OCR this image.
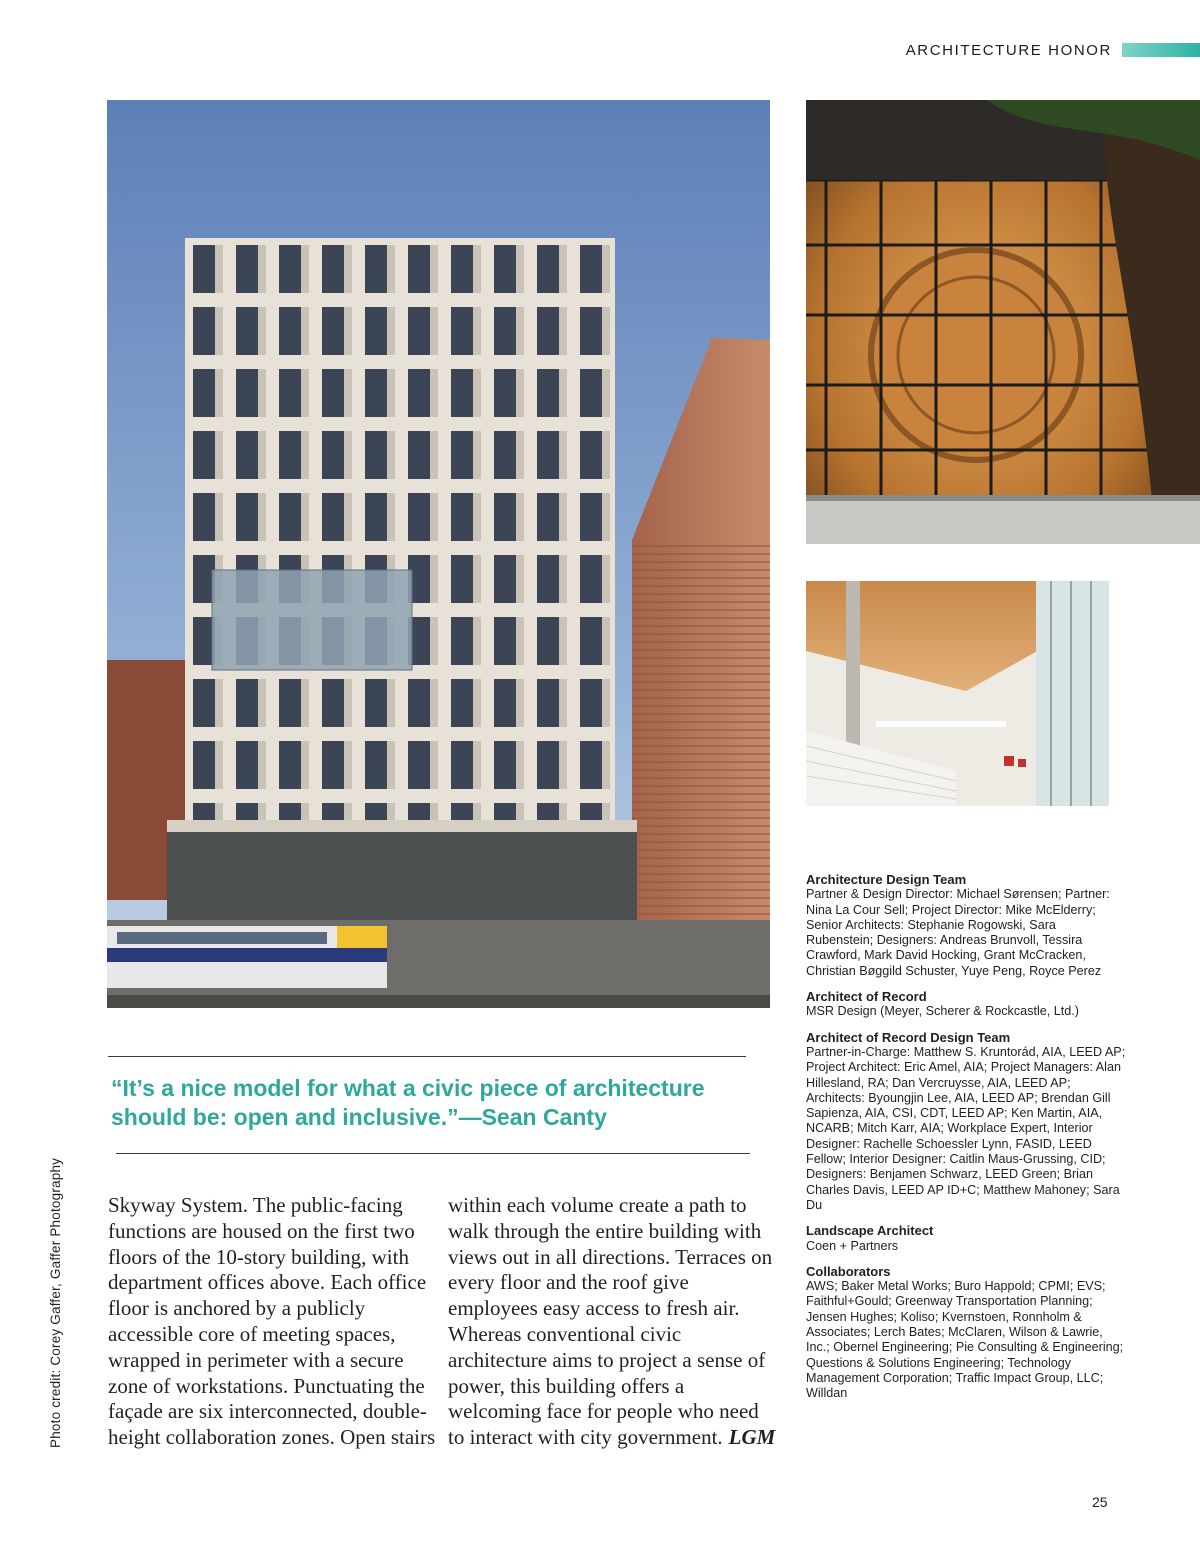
ARCHITECTURE HONOR

“It’s a nice model for what a civic piece of architecture should be: open and inclusive.”—Sean Canty

Skyway System. The public-facing functions are housed on the first two floors of the 10-story building, with department offices above. Each office floor is anchored by a publicly accessible core of meeting spaces, wrapped in perimeter with a secure zone of workstations. Punctuating the façade are six interconnected, double-height collaboration zones. Open stairs
within each volume create a path to walk through the entire building with views out in all directions. Terraces on every floor and the roof give employees easy access to fresh air. Whereas conventional civic architecture aims to project a sense of power, this building offers a welcoming face for people who need to interact with city government. LGM
Architecture Design Team
Partner & Design Director: Michael Sørensen; Partner: Nina La Cour Sell; Project Director: Mike McElderry; Senior Architects: Stephanie Rogowski, Sara Rubenstein; Designers: Andreas Brunvoll, Tessira Crawford, Mark David Hocking, Grant McCracken, Christian Bøggild Schuster, Yuye Peng, Royce Perez
Architect of Record
MSR Design (Meyer, Scherer & Rockcastle, Ltd.)
Architect of Record Design Team
Partner-in-Charge: Matthew S. Kruntorád, AIA, LEED AP; Project Architect: Eric Amel, AIA; Project Managers: Alan Hillesland, RA; Dan Vercruysse, AIA, LEED AP; Architects: Byoungjin Lee, AIA, LEED AP; Brendan Gill Sapienza, AIA, CSI, CDT, LEED AP; Ken Martin, AIA, NCARB; Mitch Karr, AIA; Workplace Expert, Interior Designer: Rachelle Schoessler Lynn, FASID, LEED Fellow; Interior Designer: Caitlin Maus-Grussing, CID; Designers: Benjamen Schwarz, LEED Green; Brian Charles Davis, LEED AP ID+C; Matthew Mahoney; Sara Du
Landscape Architect
Coen + Partners
Collaborators
AWS; Baker Metal Works; Buro Happold; CPMI; EVS; Faithful+Gould; Greenway Transportation Planning; Jensen Hughes; Koliso; Kvernstoen, Ronnholm & Associates; Lerch Bates; McClaren, Wilson & Lawrie, Inc.; Obernel Engineering; Pie Consulting & Engineering; Questions & Solutions Engineering; Technology Management Corporation; Traffic Impact Group, LLC; Willdan
Photo credit: Corey Gaffer, Gaffer Photography
25
